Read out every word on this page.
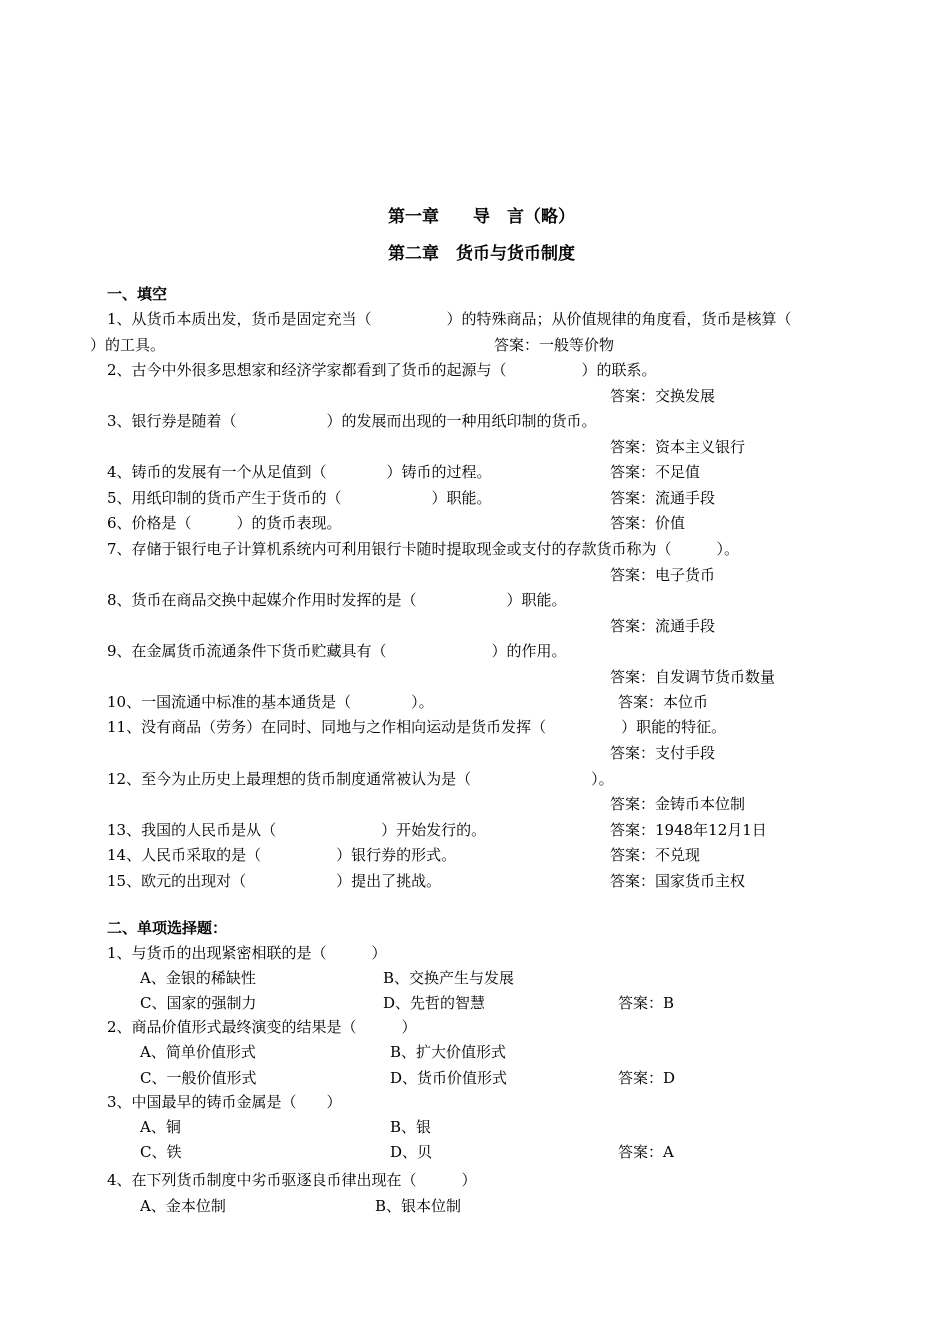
第一章　　导　言（略）
第二章　货币与货币制度
一、填空
1、从货币本质出发，货币是固定充当（　　　　　）的特殊商品；从价值规律的角度看，货币是核算（
）的工具。	答案：一般等价物
2、古今中外很多思想家和经济学家都看到了货币的起源与（　　　　　）的联系。
答案：交换发展
3、银行券是随着（　　　　　　）的发展而出现的一种用纸印制的货币。
答案：资本主义银行
4、铸币的发展有一个从足值到（　　　　）铸币的过程。	答案：不足值
5、用纸印制的货币产生于货币的（　　　　　　）职能。	答案：流通手段
6、价格是（　　　）的货币表现。	答案：价值
7、存储于银行电子计算机系统内可利用银行卡随时提取现金或支付的存款货币称为（　　　）。
答案：电子货币
8、货币在商品交换中起媒介作用时发挥的是（　　　　　　）职能。
答案：流通手段
9、在金属货币流通条件下货币贮藏具有（　　　　　　　）的作用。
答案：自发调节货币数量
10、一国流通中标准的基本通货是（　　　　）。	答案：本位币
11、没有商品（劳务）在同时、同地与之作相向运动是货币发挥（　　　　　）职能的特征。
答案：支付手段
12、至今为止历史上最理想的货币制度通常被认为是（　　　　　　　　）。
答案：金铸币本位制
13、我国的人民币是从（　　　　　　　）开始发行的。	答案：1948年12月1日
14、人民币采取的是（　　　　　）银行券的形式。	答案：不兑现
15、欧元的出现对（　　　　　　）提出了挑战。	答案：国家货币主权
二、单项选择题：
1、与货币的出现紧密相联的是（　　　）
A、金银的稀缺性	B、交换产生与发展
C、国家的强制力	D、先哲的智慧	答案：B
2、商品价值形式最终演变的结果是（　　　）
A、简单价值形式	B、扩大价值形式
C、一般价值形式	D、货币价值形式	答案：D
3、中国最早的铸币金属是（　　）
A、铜	B、银
C、铁	D、贝	答案：A
4、在下列货币制度中劣币驱逐良币律出现在（　　　）
A、金本位制	B、银本位制
